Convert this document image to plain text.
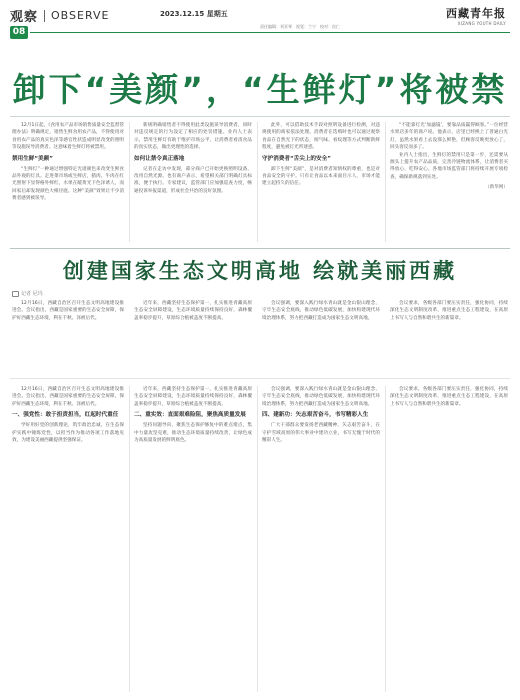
观察 OBSERVE
08
2023.12.15 星期五
责任编辑：刘亚琴　视觉：兰宁　校对：次仁
西藏青年报
XIZANG YOUTH DAILY
卸下“美颜”，“生鲜灯”将被禁

12月1日起，《食用农产品市场销售质量安全监督管理办法》明确规定，销售生鲜食用农产品，不得使用对食用农产品的真实色泽等感官性状造成明显改变的照明等设施误导消费者。这意味着生鲜灯将被禁用。

禁用生鲜“美颜”

“生鲜灯”一种通过增强特定光谱颜色来改变生鲜食品外观的灯具。走进菜市场或生鲜店，猪肉、牛肉在红光照射下显得格外鲜红，水果在暖黄光下色泽诱人，而回家后却发现颜色大相径庭。这种“美颜”效果让不少消费者感到被误导。

新规明确销售者不得使用此类设施误导消费者，同时对违反规定的行为设定了相应的处罚措施。业内人士表示，禁用生鲜灯有助于维护市场公平，让消费者看清食品的真实状态，做出更理性的选择。

如何让禁令真正落地

记者在走访中发现，部分商户已开始更换照明设备，改用自然光源。也有商户表示，希望相关部门明确灯具标准，便于执行。专家建议，监管部门应加强巡查力度，畅通投诉举报渠道，形成社会共治的良好氛围。

此外，可以借助技术手段对照明设备进行检测，对违规使用的商家依法处理。消费者在选购时也可以通过观察食品在自然光下的状态，闻气味、看纹理等方式判断新鲜程度，避免被灯光所迷惑。

守护消费者“舌尖上的安全”

卸下生鲜“美颜”，是对消费者知情权的尊重，也是对食品安全的守护。只有让食品以本来面目示人，市场才能建立起持久的信任。

“不能靠灯光‘加滤镜’，要靠品质赢得顾客。”一位经营水果店多年的商户说。他表示，店里已经换上了普通白光灯，虽然水果看上去没那么鲜艳，但顾客反映更放心了，回头客反而多了。

业内人士指出，生鲜灯的禁用只是第一步，还需要从源头上提升农产品品质，完善冷链物流体系，让消费者买得放心、吃得安心。各地市场监管部门将持续开展专项检查，确保新规落到实处。

（新华网）
创建国家生态文明高地 绘就美丽西藏
记者 尼玛

12月16日，西藏自治区召开生态文明高地建设推进会。会议指出，西藏是国家重要的生态安全屏障，保护好西藏生态环境，利在千秋、泽被后代。

近年来，西藏坚持生态保护第一，扎实推进青藏高原生态安全屏障建设，生态环境质量持续保持良好，森林覆盖率稳步提升，草原综合植被盖度不断提高。

会议强调，要深入践行绿水青山就是金山银山理念，守牢生态安全底线，推动绿色低碳发展，加快构建现代环境治理体系，努力把西藏打造成为国家生态文明高地。

会议要求，各级各部门要压实责任，强化协同，持续深化生态文明制度改革，推进重点生态工程建设，在高原上书写人与自然和谐共生的新篇章。

12月16日，西藏自治区召开生态文明高地建设推进会。会议指出，西藏是国家重要的生态安全屏障，保护好西藏生态环境，利在千秋、泽被后代。

一、强党性：敢于担责担当，红起时代重任

学好用好党的创新理论，筑牢政治忠诚，在生态保护实践中锤炼党性，以担当作为推动各项工作落地见效，为建设美丽西藏提供坚强保证。

近年来，西藏坚持生态保护第一，扎实推进青藏高原生态安全屏障建设，生态环境质量持续保持良好，森林覆盖率稳步提升，草原综合植被盖度不断提高。

二、重实效：直面艰难险阻，聚焦高质量发展

坚持问题导向，聚焦生态保护修复中的难点堵点，集中力量攻坚克难，推动生态环境质量持续改善，让绿色成为高质量发展的鲜明底色。

会议强调，要深入践行绿水青山就是金山银山理念，守牢生态安全底线，推动绿色低碳发展，加快构建现代环境治理体系，努力把西藏打造成为国家生态文明高地。

四、建新功：矢志艰苦奋斗，书写精彩人生

广大干部群众要发扬老西藏精神，矢志艰苦奋斗，在守护雪域高原的伟大事业中建功立业，书写无愧于时代的精彩人生。

会议要求，各级各部门要压实责任，强化协同，持续深化生态文明制度改革，推进重点生态工程建设，在高原上书写人与自然和谐共生的新篇章。
